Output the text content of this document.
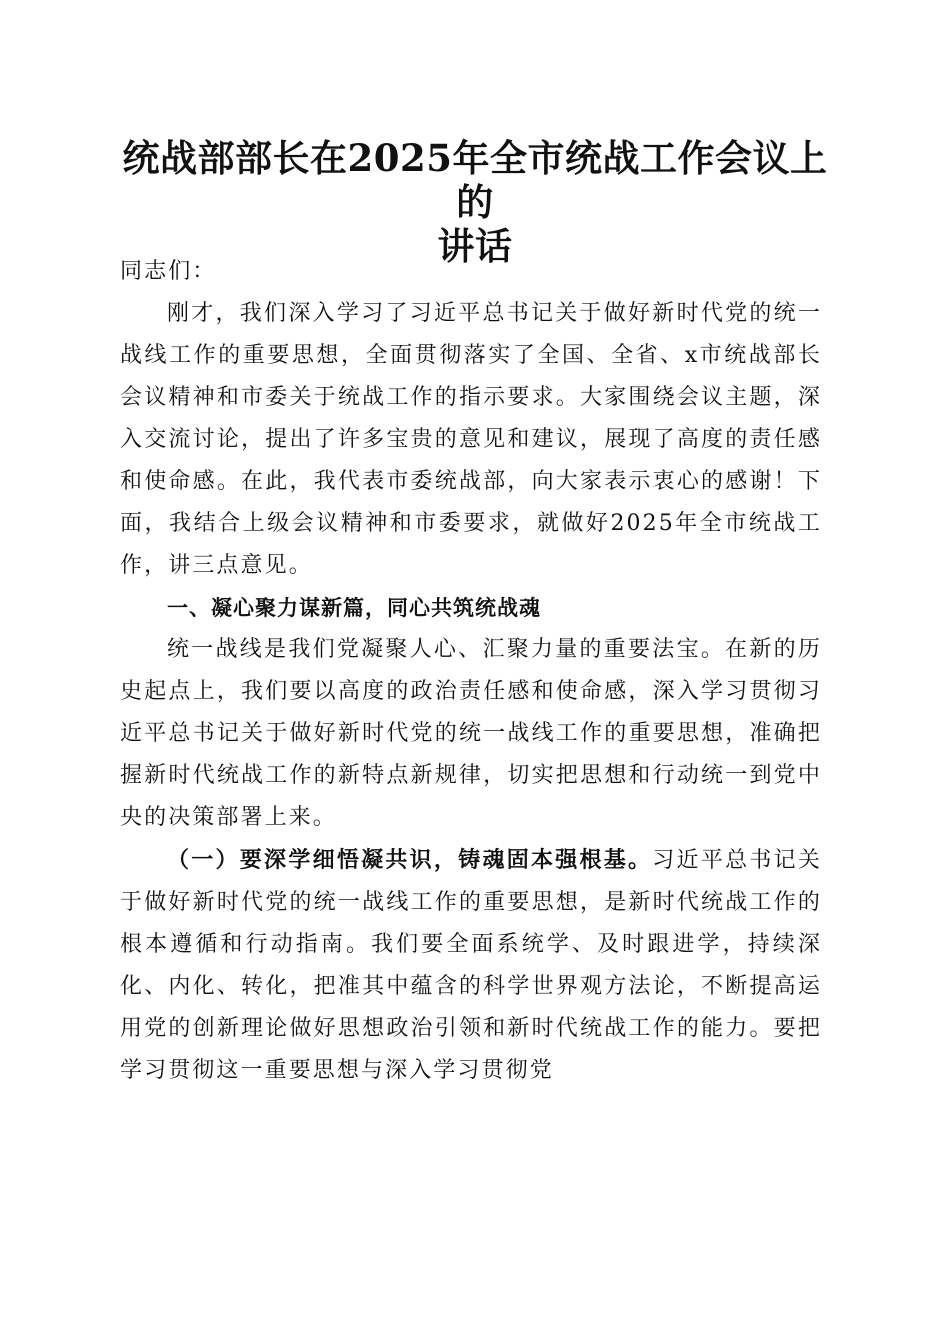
统战部部长在2025年全市统战工作会议上的
讲话

同志们：

刚才，我们深入学习了习近平总书记关于做好新时代党的统一战线工作的重要思想，全面贯彻落实了全国、全省、x市统战部长会议精神和市委关于统战工作的指示要求。大家围绕会议主题，深入交流讨论，提出了许多宝贵的意见和建议，展现了高度的责任感和使命感。在此，我代表市委统战部，向大家表示衷心的感谢！下面，我结合上级会议精神和市委要求，就做好2025年全市统战工作，讲三点意见。

一、凝心聚力谋新篇，同心共筑统战魂

统一战线是我们党凝聚人心、汇聚力量的重要法宝。在新的历史起点上，我们要以高度的政治责任感和使命感，深入学习贯彻习近平总书记关于做好新时代党的统一战线工作的重要思想，准确把握新时代统战工作的新特点新规律，切实把思想和行动统一到党中央的决策部署上来。

（一）要深学细悟凝共识，铸魂固本强根基。习近平总书记关于做好新时代党的统一战线工作的重要思想，是新时代统战工作的根本遵循和行动指南。我们要全面系统学、及时跟进学，持续深化、内化、转化，把准其中蕴含的科学世界观方法论，不断提高运用党的创新理论做好思想政治引领和新时代统战工作的能力。要把学习贯彻这一重要思想与深入学习贯彻党
